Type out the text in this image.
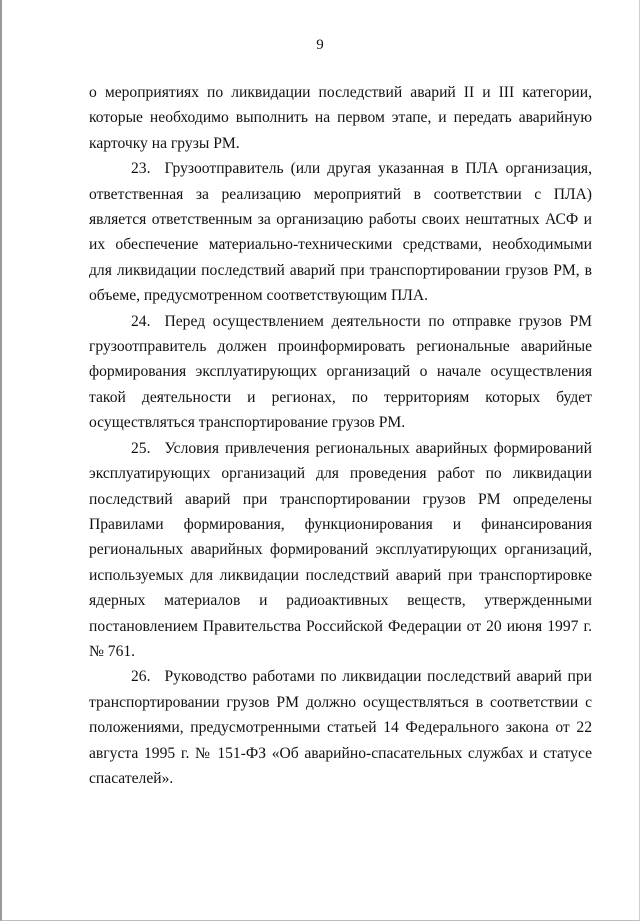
9

о мероприятиях по ликвидации последствий аварий II и III категории, которые необходимо выполнить на первом этапе, и передать аварийную карточку на грузы РМ.

23. Грузоотправитель (или другая указанная в ПЛА организация, ответственная за реализацию мероприятий в соответствии с ПЛА) является ответственным за организацию работы своих нештатных АСФ и их обеспечение материально-техническими средствами, необходимыми для ликвидации последствий аварий при транспортировании грузов РМ, в объеме, предусмотренном соответствующим ПЛА.

24. Перед осуществлением деятельности по отправке грузов РМ грузоотправитель должен проинформировать региональные аварийные формирования эксплуатирующих организаций о начале осуществления такой деятельности и регионах, по территориям которых будет осуществляться транспортирование грузов РМ.

25. Условия привлечения региональных аварийных формирований эксплуатирующих организаций для проведения работ по ликвидации последствий аварий при транспортировании грузов РМ определены Правилами формирования, функционирования и финансирования региональных аварийных формирований эксплуатирующих организаций, используемых для ликвидации последствий аварий при транспортировке ядерных материалов и радиоактивных веществ, утвержденными постановлением Правительства Российской Федерации от 20 июня 1997 г. № 761.

26. Руководство работами по ликвидации последствий аварий при транспортировании грузов РМ должно осуществляться в соответствии с положениями, предусмотренными статьей 14 Федерального закона от 22 августа 1995 г. № 151-ФЗ «Об аварийно-спасательных службах и статусе спасателей».
